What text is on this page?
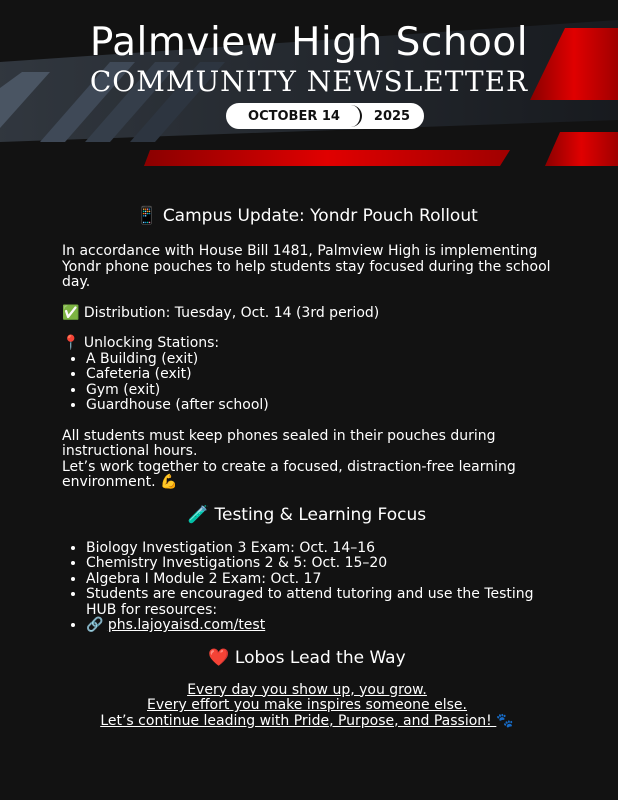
Palmview High School
COMMUNITY NEWSLETTER
OCTOBER 14	2025
📱 Campus Update: Yondr Pouch Rollout

In accordance with House Bill 1481, Palmview High is implementing Yondr phone pouches to help students stay focused during the school day.

✅ Distribution: Tuesday, Oct. 14 (3rd period)

📍 Unlocking Stations:

• A Building (exit)
• Cafeteria (exit)
• Gym (exit)
• Guardhouse (after school)

All students must keep phones sealed in their pouches during instructional hours.

Let’s work together to create a focused, distraction-free learning environment. 💪

🧪 Testing & Learning Focus
• Biology Investigation 3 Exam: Oct. 14–16
• Chemistry Investigations 2 & 5: Oct. 15–20
• Algebra I Module 2 Exam: Oct. 17
• Students are encouraged to attend tutoring and use the Testing HUB for resources:
• 🔗 phs.lajoyaisd.com/test
❤️ Lobos Lead the Way
Every day you show up, you grow.
Every effort you make inspires someone else.
Let’s continue leading with Pride, Purpose, and Passion! 🐾
